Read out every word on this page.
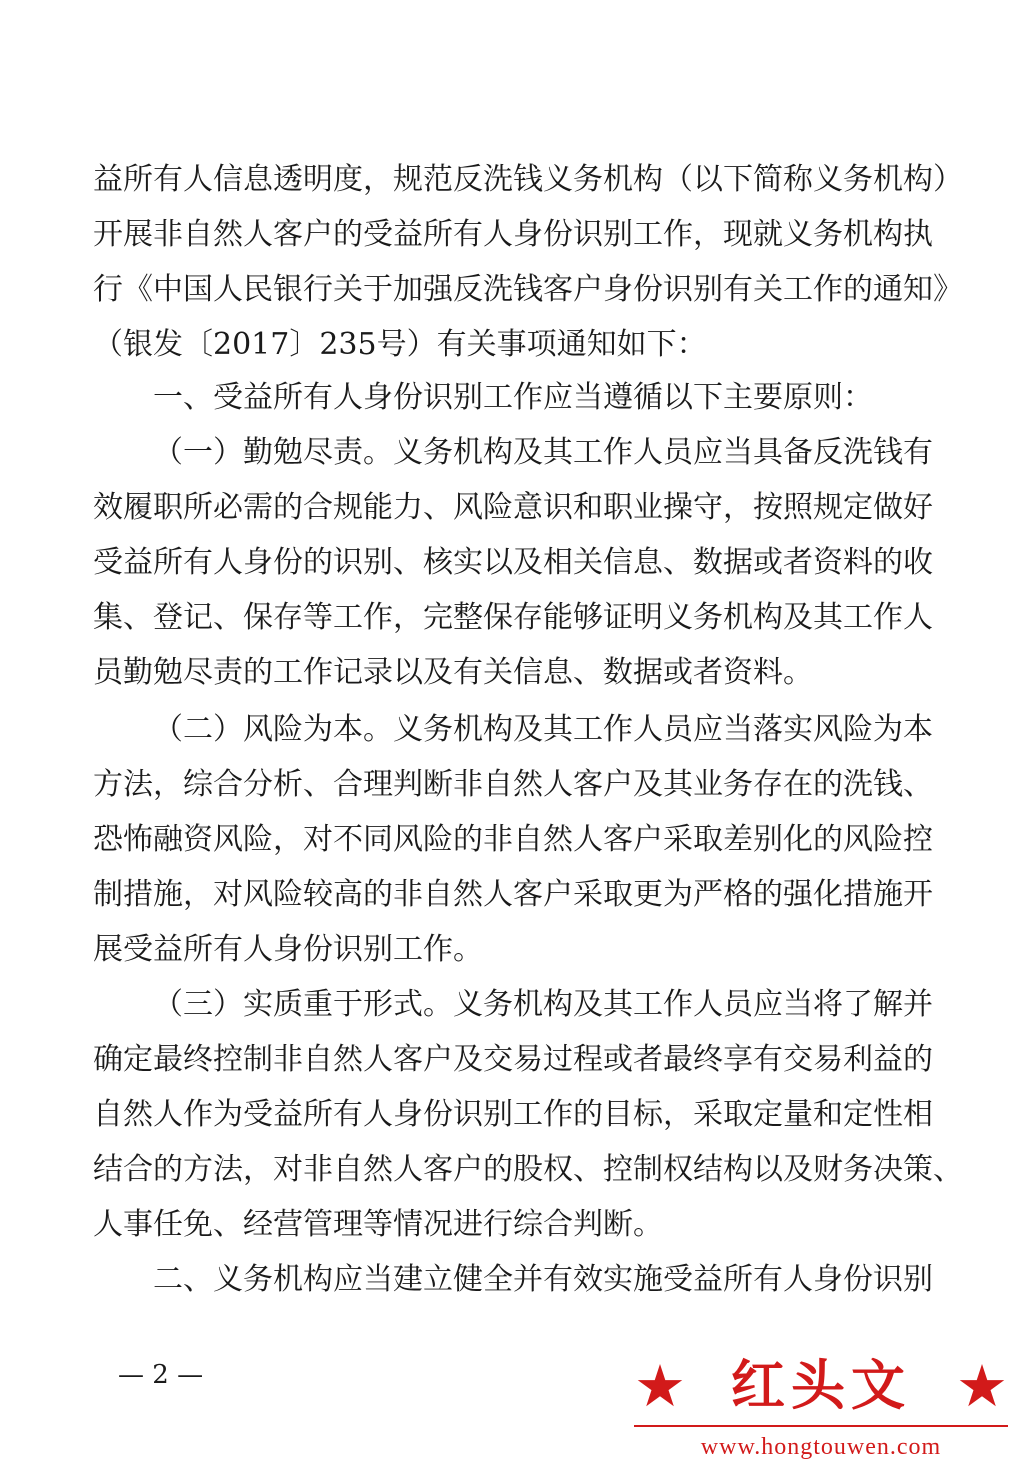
益所有人信息透明度，规范反洗钱义务机构（以下简称义务机构）
开展非自然人客户的受益所有人身份识别工作，现就义务机构执
行《中国人民银行关于加强反洗钱客户身份识别有关工作的通知》
（银发〔2017〕235号）有关事项通知如下：
一、受益所有人身份识别工作应当遵循以下主要原则：
（一）勤勉尽责。义务机构及其工作人员应当具备反洗钱有
效履职所必需的合规能力、风险意识和职业操守，按照规定做好
受益所有人身份的识别、核实以及相关信息、数据或者资料的收
集、登记、保存等工作，完整保存能够证明义务机构及其工作人
员勤勉尽责的工作记录以及有关信息、数据或者资料。
（二）风险为本。义务机构及其工作人员应当落实风险为本
方法，综合分析、合理判断非自然人客户及其业务存在的洗钱、
恐怖融资风险，对不同风险的非自然人客户采取差别化的风险控
制措施，对风险较高的非自然人客户采取更为严格的强化措施开
展受益所有人身份识别工作。
（三）实质重于形式。义务机构及其工作人员应当将了解并
确定最终控制非自然人客户及交易过程或者最终享有交易利益的
自然人作为受益所有人身份识别工作的目标，采取定量和定性相
结合的方法，对非自然人客户的股权、控制权结构以及财务决策、
人事任免、经营管理等情况进行综合判断。
二、义务机构应当建立健全并有效实施受益所有人身份识别
— 2 —	★ 红头文 ★
www.hongtouwen.com
